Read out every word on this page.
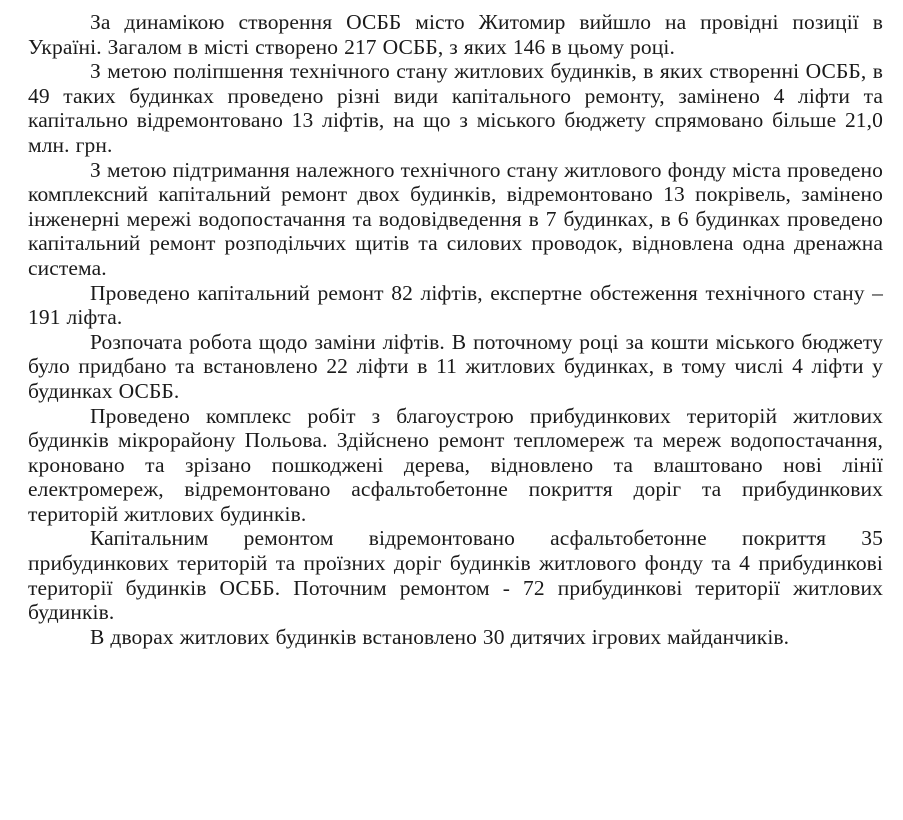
За динамікою створення ОСББ місто Житомир вийшло на провідні позиції в Україні. Загалом в місті створено 217 ОСББ, з яких 146 в цьому році.

З метою поліпшення технічного стану житлових будинків, в яких створенні ОСББ, в 49 таких будинках проведено різні види капітального ремонту, замінено 4 ліфти та капітально відремонтовано 13 ліфтів, на що з міського бюджету спрямовано більше 21,0 млн. грн.

З метою підтримання належного технічного стану житлового фонду міста проведено комплексний капітальний ремонт двох будинків, відремонтовано 13 покрівель, замінено інженерні мережі водопостачання та водовідведення в 7 будинках, в 6 будинках проведено капітальний ремонт розподільчих щитів та силових проводок, відновлена одна дренажна система.

Проведено капітальний ремонт 82 ліфтів, експертне обстеження технічного стану – 191 ліфта.

Розпочата робота щодо заміни ліфтів. В поточному році за кошти міського бюджету було придбано та встановлено 22 ліфти в 11 житлових будинках, в тому числі 4 ліфти у будинках ОСББ.

Проведено комплекс робіт з благоустрою прибудинкових територій житлових будинків мікрорайону Польова. Здійснено ремонт тепломереж та мереж водопостачання, кроновано та зрізано пошкоджені дерева, відновлено та влаштовано нові лінії електромереж, відремонтовано асфальтобетонне покриття доріг та прибудинкових територій житлових будинків.

Капітальним ремонтом відремонтовано асфальтобетонне покриття 35 прибудинкових територій та проїзних доріг будинків житлового фонду та 4 прибудинкові території будинків ОСББ. Поточним ремонтом - 72 прибудинкові території житлових будинків.

В дворах житлових будинків встановлено 30 дитячих ігрових майданчиків.
